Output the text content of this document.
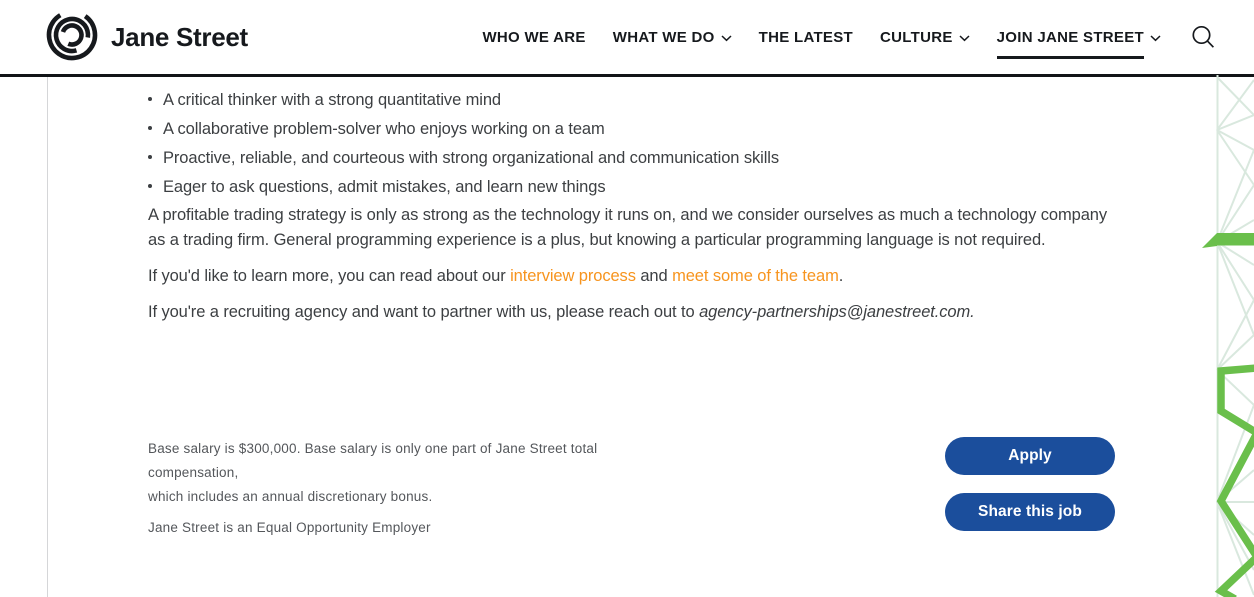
Jane Street	WHO WE ARE WHAT WE DO	THE LATEST CULTURE	JOIN JANE STREET
A critical thinker with a strong quantitative mind
A collaborative problem-solver who enjoys working on a team
Proactive, reliable, and courteous with strong organizational and communication skills
Eager to ask questions, admit mistakes, and learn new things

A profitable trading strategy is only as strong as the technology it runs on, and we consider ourselves as much a technology company as a trading firm. General programming experience is a plus, but knowing a particular programming language is not required.

If you'd like to learn more, you can read about our interview process and meet some of the team.

If you're a recruiting agency and want to partner with us, please reach out to agency-partnerships@janestreet.com.

Base salary is $300,000. Base salary is only one part of Jane Street total compensation,
which includes an annual discretionary bonus.
Jane Street is an Equal Opportunity Employer
Apply
Share this job
